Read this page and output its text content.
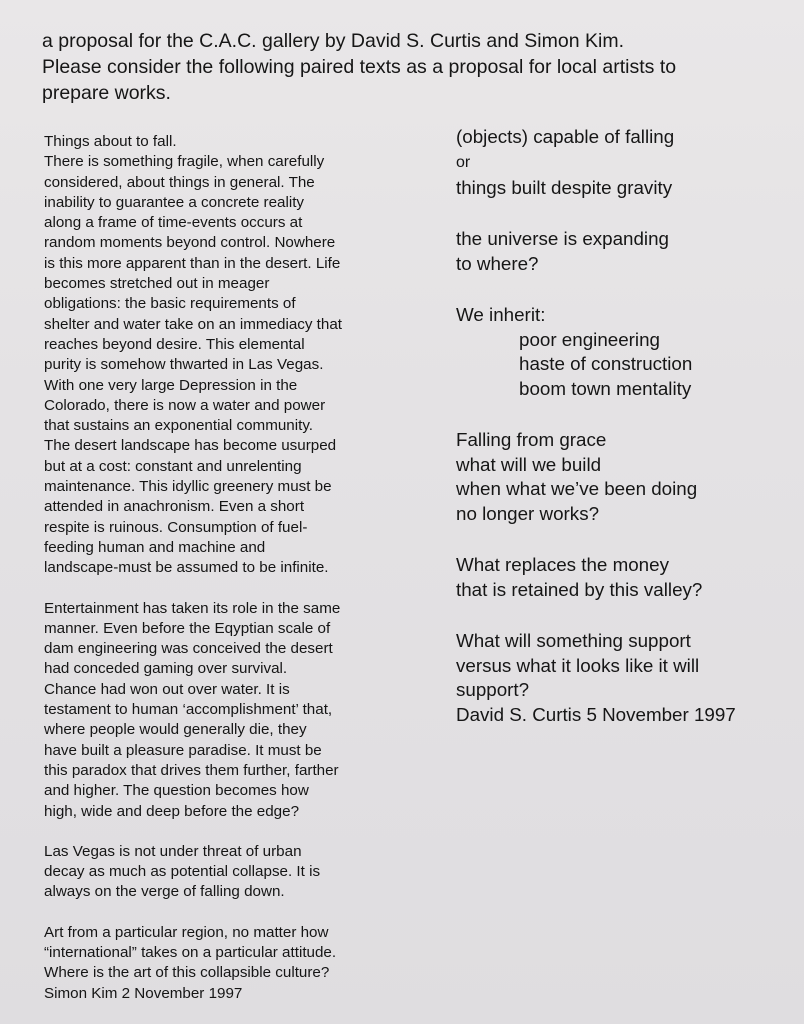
a proposal for the C.A.C. gallery by David S. Curtis and Simon Kim.
Please consider the following paired texts as a proposal for local artists to
prepare works.

Things about to fall.
There is something fragile, when carefully
considered, about things in general. The
inability to guarantee a concrete reality
along a frame of time-events occurs at
random moments beyond control. Nowhere
is this more apparent than in the desert. Life
becomes stretched out in meager
obligations: the basic requirements of
shelter and water take on an immediacy that
reaches beyond desire. This elemental
purity is somehow thwarted in Las Vegas.
With one very large Depression in the
Colorado, there is now a water and power
that sustains an exponential community.
The desert landscape has become usurped
but at a cost: constant and unrelenting
maintenance. This idyllic greenery must be
attended in anachronism. Even a short
respite is ruinous. Consumption of fuel-
feeding human and machine and
landscape-must be assumed to be infinite.

Entertainment has taken its role in the same
manner. Even before the Eqyptian scale of
dam engineering was conceived the desert
had conceded gaming over survival.
Chance had won out over water. It is
testament to human ‘accomplishment’ that,
where people would generally die, they
have built a pleasure paradise. It must be
this paradox that drives them further, farther
and higher. The question becomes how
high, wide and deep before the edge?

Las Vegas is not under threat of urban
decay as much as potential collapse. It is
always on the verge of falling down.

Art from a particular region, no matter how
“international” takes on a particular attitude.
Where is the art of this collapsible culture?
Simon Kim 2 November 1997

(objects) capable of falling
or
things built despite gravity
the universe is expanding
to where?
We inherit:
poor engineering
haste of construction
boom town mentality
Falling from grace
what will we build
when what we’ve been doing
no longer works?
What replaces the money
that is retained by this valley?
What will something support
versus what it looks like it will
support?
David S. Curtis 5 November 1997
